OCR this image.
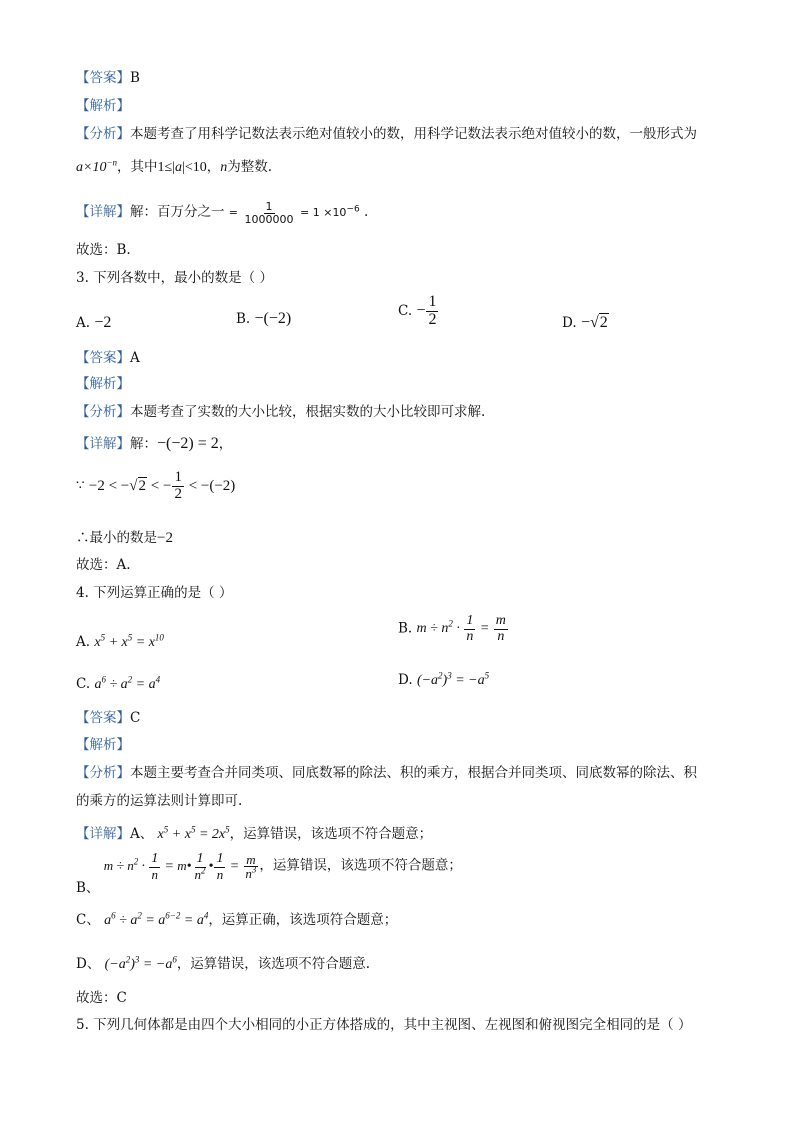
【答案】B
【解析】
【分析】本题考查了用科学记数法表示绝对值较小的数，用科学记数法表示绝对值较小的数，一般形式为
$a\times 10^{-n}$，其中1≤|a|<10，n为整数.
【详解】解：百万分之一 = $\frac{1}{1000000} = 1 \times 10^{-6}$ .
故选：B.
3. 下列各数中，最小的数是（ ）
A. −2	B. −(−2)	C. − $\frac{1}{2}$	D. −√2
【答案】A
【解析】
【分析】本题考查了实数的大小比较，根据实数的大小比较即可求解.
【详解】解：−(−2) = 2，
∵ −2 < −√2 < − $\frac{1}{2} < -(-2)$
∴最小的数是−2
故选：A.
4. 下列运算正确的是（ ）
A. $x^5 + x^5 = x^{10}$
B. $m \div n^2 \cdot \frac{1}{n} = \frac{m}{n}$
C. $a^6 \div a^2 = a^4$	D. $(-a^2)^3 = -a^5$
【答案】C
【解析】
【分析】本题主要考查合并同类项、同底数幂的除法、积的乘方，根据合并同类项、同底数幂的除法、积
的乘方的运算法则计算即可.
【详解】A、 $x^5 + x^5 = 2x^5$，运算错误，该选项不符合题意；
B、 $m \div n^2 \cdot \frac{1}{n}$ = m• $\frac{1}{n^2}$ • $\frac{1}{n} = \frac{m}{n^3}$ ，运算错误，该选项不符合题意；
C、 $a^6 \div a^2 = a^{6-2} = a^4$，运算正确，该选项符合题意；
D、 $(-a^2)^3 = -a^6$，运算错误，该选项不符合题意.
故选：C
5. 下列几何体都是由四个大小相同的小正方体搭成的，其中主视图、左视图和俯视图完全相同的是（ ）
